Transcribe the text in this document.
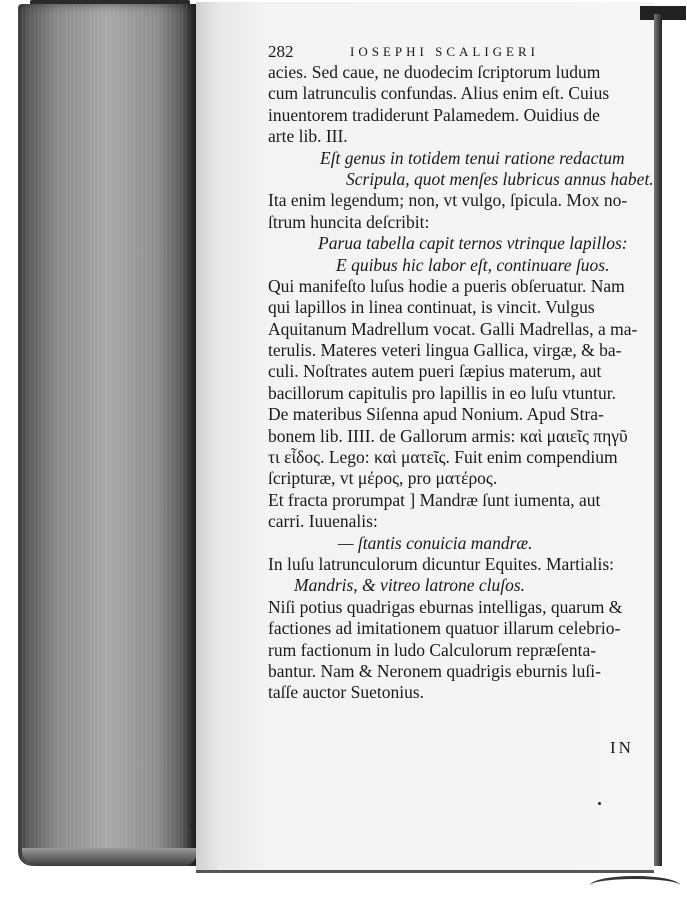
282	IOSEPHI SCALIGERI
acies. Sed caue, ne duodecim ſcriptorum ludum
cum latrunculis confundas. Alius enim eſt. Cuius
inuentorem tradiderunt Palamedem. Ouidius de
arte lib. III.
Eſt genus in totidem tenui ratione redactum
Scripula, quot menſes lubricus annus habet.
Ita enim legendum; non, vt vulgo, ſpicula. Mox no-
ſtrum huncita deſcribit:
Parua tabella capit ternos vtrinque lapillos:
E quibus hic labor eſt, continuare ſuos.
Qui manifeſto luſus hodie a pueris obſeruatur. Nam
qui lapillos in linea continuat, is vincit. Vulgus
Aquitanum Madrellum vocat. Galli Madrellas, a ma-
terulis. Materes veteri lingua Gallica, virgæ, & ba-
culi. Noſtrates autem pueri ſæpius materum, aut
bacillorum capitulis pro lapillis in eo luſu vtuntur.
De materibus Siſenna apud Nonium. Apud Stra-
bonem lib. IIII. de Gallorum armis: καὶ μαιεῖς πηγῦ
τι εἶδος. Lego: καὶ ματεῖς. Fuit enim compendium
ſcripturæ, vt μέρος, pro ματέρος.
Et fracta prorumpat ] Mandræ ſunt iumenta, aut
carri. Iuuenalis:
— ſtantis conuicia mandræ.
In luſu latrunculorum dicuntur Equites. Martialis:
Mandris, & vitreo latrone cluſos.
Niſi potius quadrigas eburnas intelligas, quarum &
factiones ad imitationem quatuor illarum celebrio-
rum factionum in ludo Calculorum repræſenta-
bantur. Nam & Neronem quadrigis eburnis luſi-
taſſe auctor Suetonius.
IN
